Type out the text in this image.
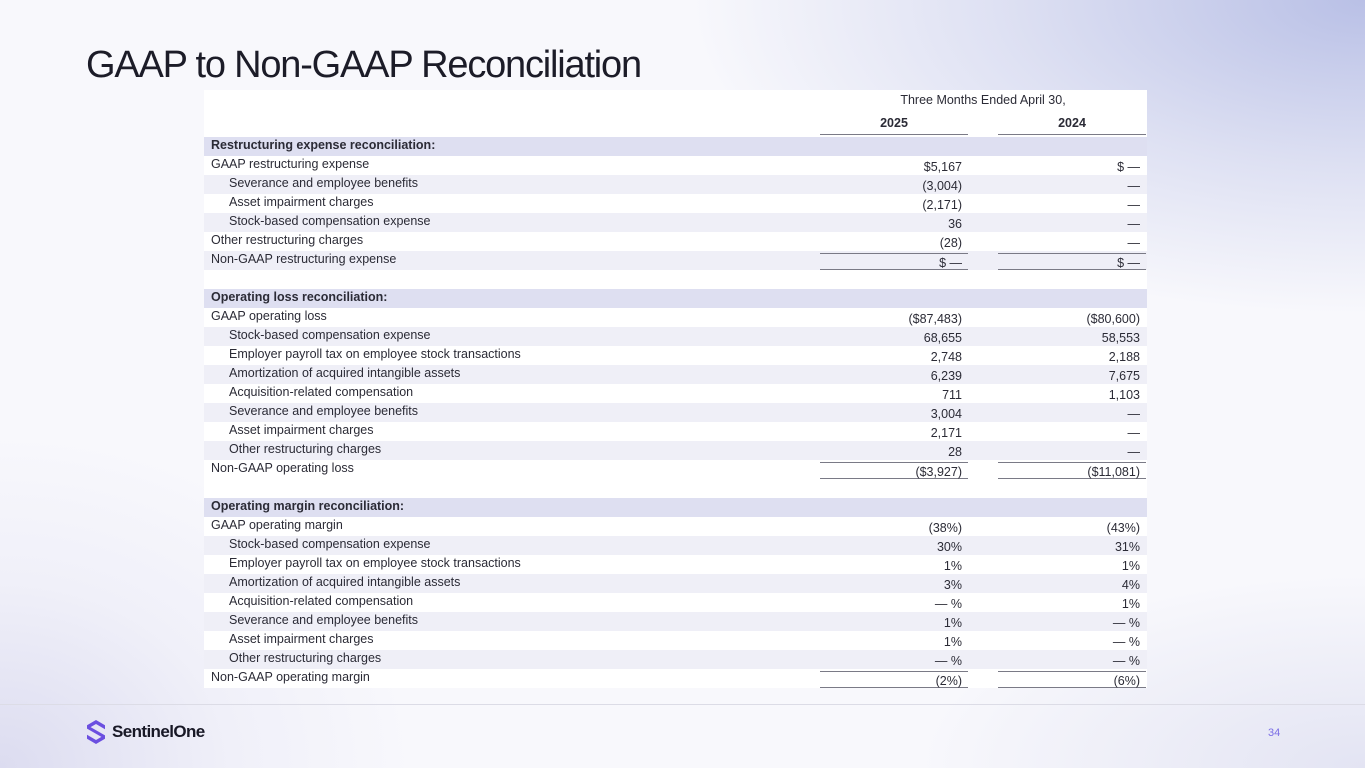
GAAP to Non-GAAP Reconciliation
Three Months Ended April 30,
2025	2024
Restructuring expense reconciliation:
GAAP restructuring expense	$5,167	$ —
Severance and employee benefits	(3,004)	—
Asset impairment charges	(2,171)	—
Stock-based compensation expense	36	—
Other restructuring charges	(28)	—
Non-GAAP restructuring expense	$ —	$ —
Operating loss reconciliation:
GAAP operating loss	($87,483)	($80,600)
Stock-based compensation expense	68,655	58,553
Employer payroll tax on employee stock transactions	2,748	2,188
Amortization of acquired intangible assets	6,239	7,675
Acquisition-related compensation	711	1,103
Severance and employee benefits	3,004	—
Asset impairment charges	2,171	—
Other restructuring charges	28	—
Non-GAAP operating loss	($3,927)	($11,081)
Operating margin reconciliation:
GAAP operating margin	(38%)	(43%)
Stock-based compensation expense	30%	31%
Employer payroll tax on employee stock transactions	1%	1%
Amortization of acquired intangible assets	3%	4%
Acquisition-related compensation	— %	1%
Severance and employee benefits	1%	— %
Asset impairment charges	1%	— %
Other restructuring charges	— %	— %
Non-GAAP operating margin	(2%)	(6%)
SentinelOne	34
